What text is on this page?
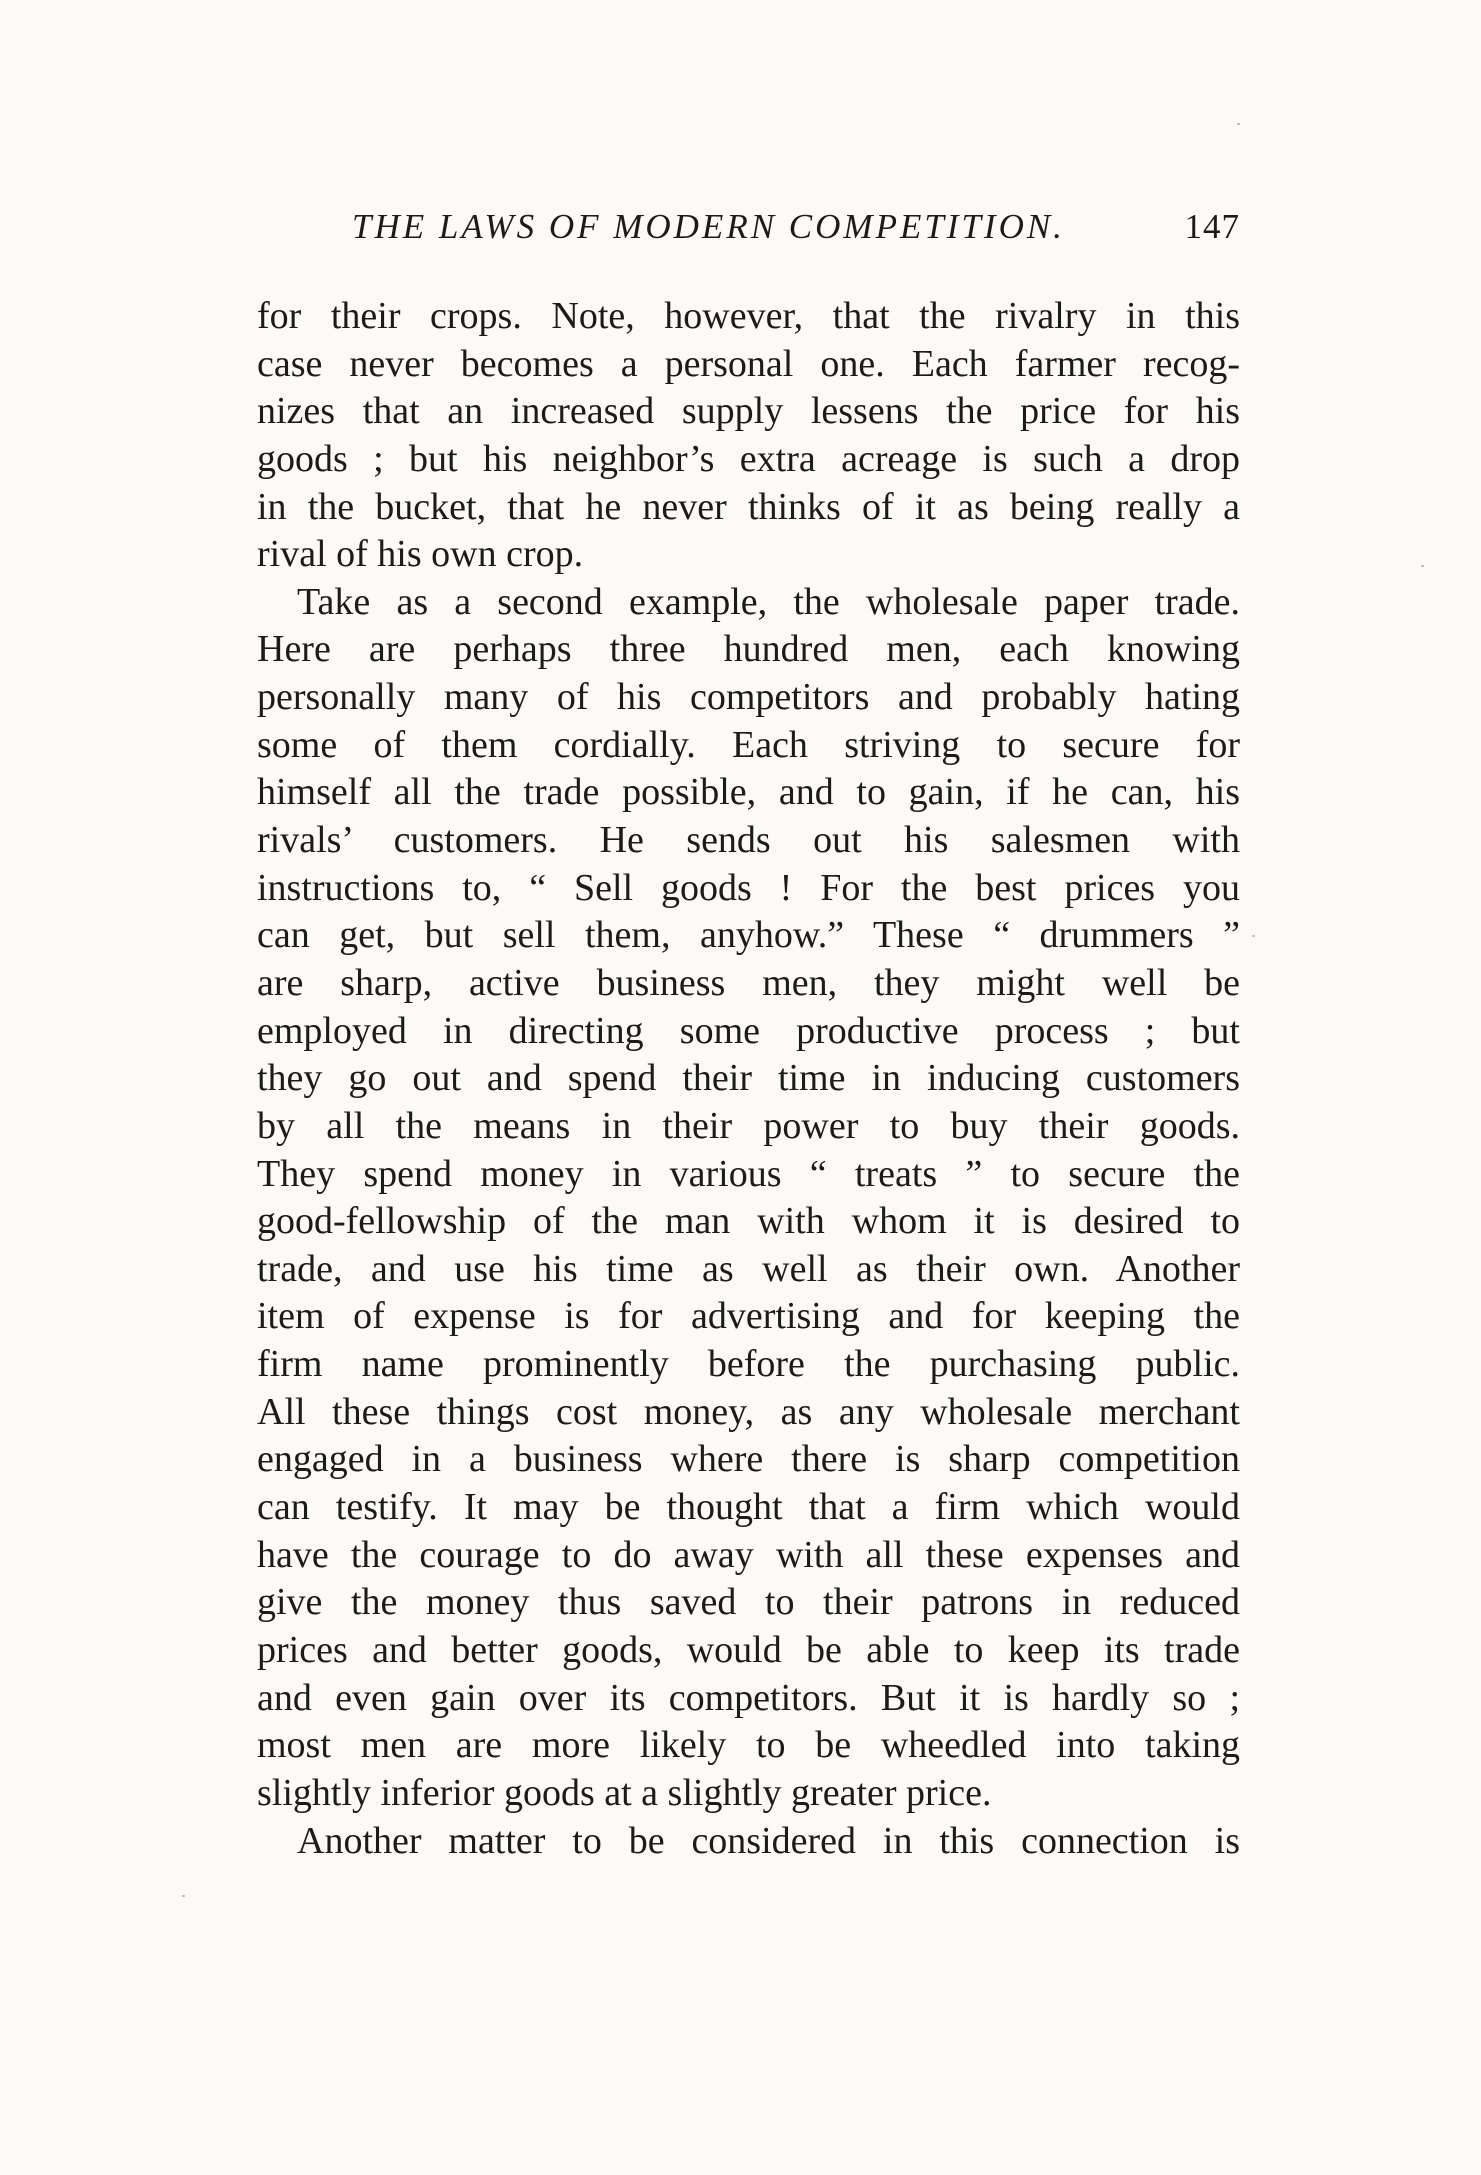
THE LAWS OF MODERN COMPETITION.	147
for their crops. Note, however, that the rivalry in this
case never becomes a personal one. Each farmer recog-
nizes that an increased supply lessens the price for his
goods ; but his neighbor’s extra acreage is such a drop
in the bucket, that he never thinks of it as being really a
rival of his own crop.
Take as a second example, the wholesale paper trade.
Here are perhaps three hundred men, each knowing
personally many of his competitors and probably hating
some of them cordially. Each striving to secure for
himself all the trade possible, and to gain, if he can, his
rivals’ customers. He sends out his salesmen with
instructions to, “ Sell goods ! For the best prices you
can get, but sell them, anyhow.” These “ drummers ”
are sharp, active business men, they might well be
employed in directing some productive process ; but
they go out and spend their time in inducing customers
by all the means in their power to buy their goods.
They spend money in various “ treats ” to secure the
good-fellowship of the man with whom it is desired to
trade, and use his time as well as their own. Another
item of expense is for advertising and for keeping the
firm name prominently before the purchasing public.
All these things cost money, as any wholesale merchant
engaged in a business where there is sharp competition
can testify. It may be thought that a firm which would
have the courage to do away with all these expenses and
give the money thus saved to their patrons in reduced
prices and better goods, would be able to keep its trade
and even gain over its competitors. But it is hardly so ;
most men are more likely to be wheedled into taking
slightly inferior goods at a slightly greater price.
Another matter to be considered in this connection is
